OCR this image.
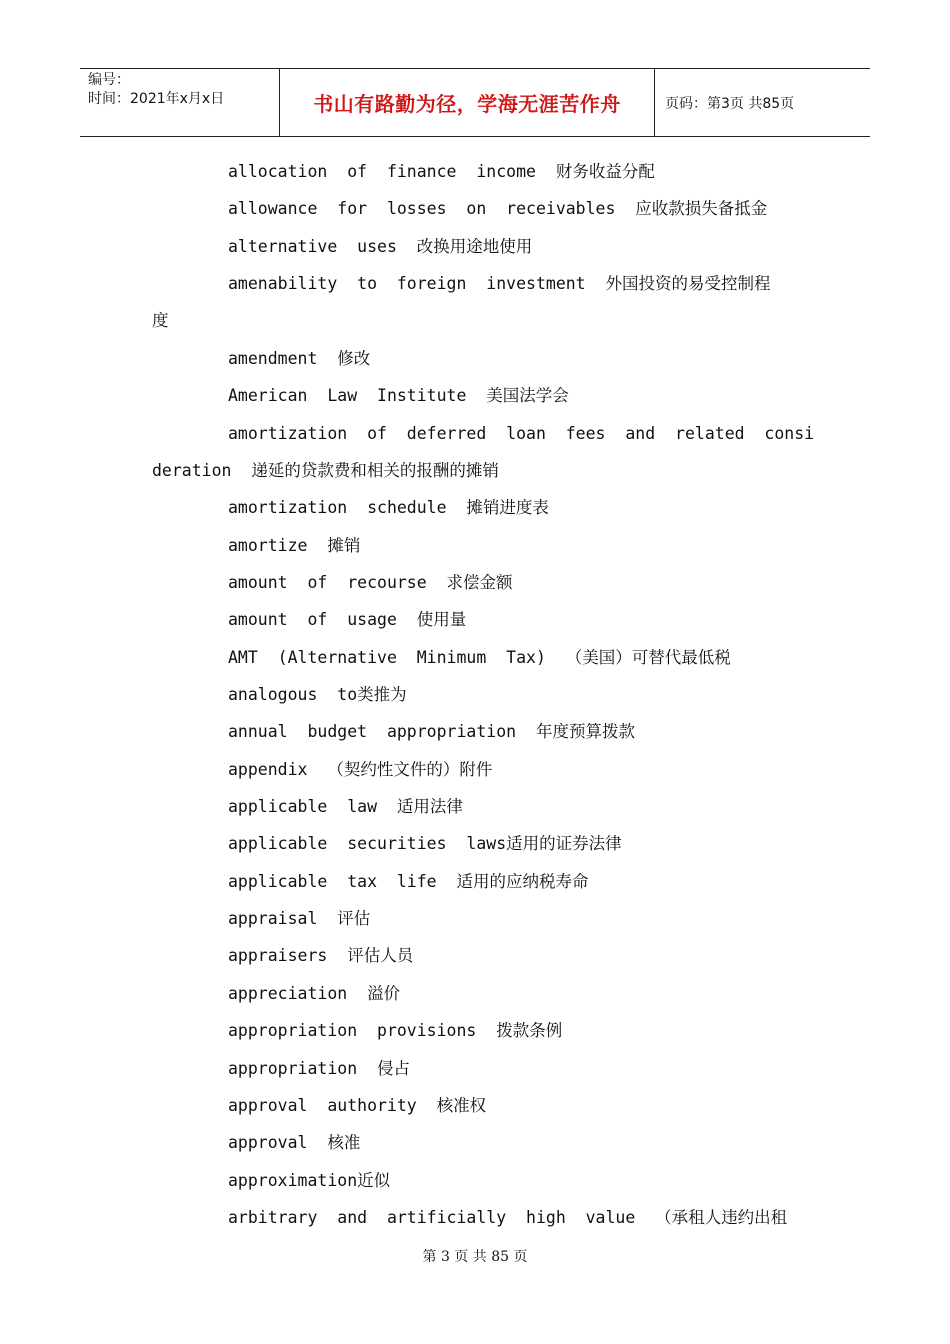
编号：
时间：2021年x月x日	书山有路勤为径，学海无涯苦作舟	页码：第3页 共85页
allocation  of  finance  income  财务收益分配
allowance  for  losses  on  receivables  应收款损失备抵金
alternative  uses  改换用途地使用
amenability  to  foreign  investment  外国投资的易受控制程
度
amendment  修改
American  Law  Institute  美国法学会
amortization  of  deferred  loan  fees  and  related  consi
deration  递延的贷款费和相关的报酬的摊销
amortization  schedule  摊销进度表
amortize  摊销
amount  of  recourse  求偿金额
amount  of  usage  使用量
AMT  (Alternative  Minimum  Tax)  （美国）可替代最低税
analogous  to类推为
annual  budget  appropriation  年度预算拨款
appendix  （契约性文件的）附件
applicable  law  适用法律
applicable  securities  laws适用的证券法律
applicable  tax  life  适用的应纳税寿命
appraisal  评估
appraisers  评估人员
appreciation  溢价
appropriation  provisions  拨款条例
appropriation  侵占
approval  authority  核准权
approval  核准
approximation近似
arbitrary  and  artificially  high  value  （承租人违约出租
第 3 页 共 85 页
